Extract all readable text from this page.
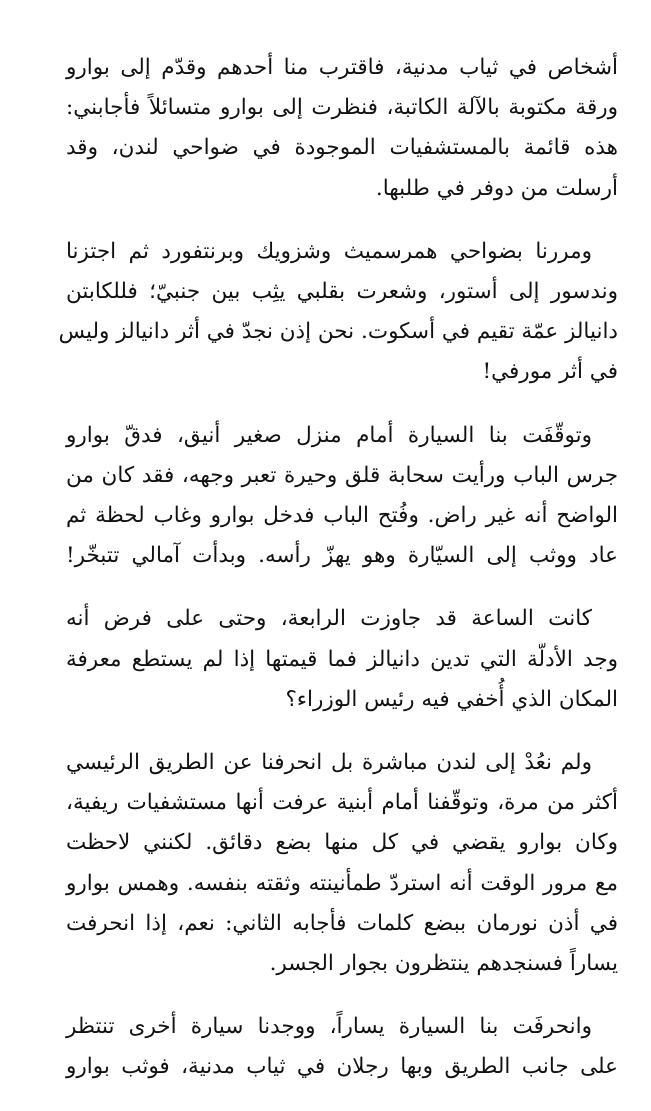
أشخاص في ثياب مدنية، فاقترب منا أحدهم وقدّم إلى بوارو
ورقة مكتوبة بالآلة الكاتبة، فنظرت إلى بوارو متسائلاً فأجابني:
هذه قائمة بالمستشفيات الموجودة في ضواحي لندن، وقد
أرسلت من دوفر في طلبها.

ومررنا بضواحي همرسميث وشزويك وبرنتفورد ثم اجتزنا
وندسور إلى أستور، وشعرت بقلبي يثِب بين جنبيّ؛ فللكابتن
دانيالز عمّة تقيم في أسكوت. نحن إذن نجدّ في أثر دانيالز وليس
في أثر مورفي!

وتوقّفَت بنا السيارة أمام منزل صغير أنيق، فدقّ بوارو
جرس الباب ورأيت سحابة قلق وحيرة تعبر وجهه، فقد كان من
الواضح أنه غير راض. وفُتح الباب فدخل بوارو وغاب لحظة ثم
عاد ووثب إلى السيّارة وهو يهزّ رأسه. وبدأت آمالي تتبخّر!

كانت الساعة قد جاوزت الرابعة، وحتى على فرض أنه
وجد الأدلّة التي تدين دانيالز فما قيمتها إذا لم يستطع معرفة
المكان الذي أُخفي فيه رئيس الوزراء؟

ولم نعُدْ إلى لندن مباشرة بل انحرفنا عن الطريق الرئيسي
أكثر من مرة، وتوقّفنا أمام أبنية عرفت أنها مستشفيات ريفية،
وكان بوارو يقضي في كل منها بضع دقائق. لكنني لاحظت
مع مرور الوقت أنه استردّ طمأنينته وثقته بنفسه. وهمس بوارو
في أذن نورمان ببضع كلمات فأجابه الثاني: نعم، إذا انحرفت
يساراً فسنجدهم ينتظرون بجوار الجسر.

وانحرفَت بنا السيارة يساراً، ووجدنا سيارة أخرى تنتظر
على جانب الطريق وبها رجلان في ثياب مدنية، فوثب بوارو
